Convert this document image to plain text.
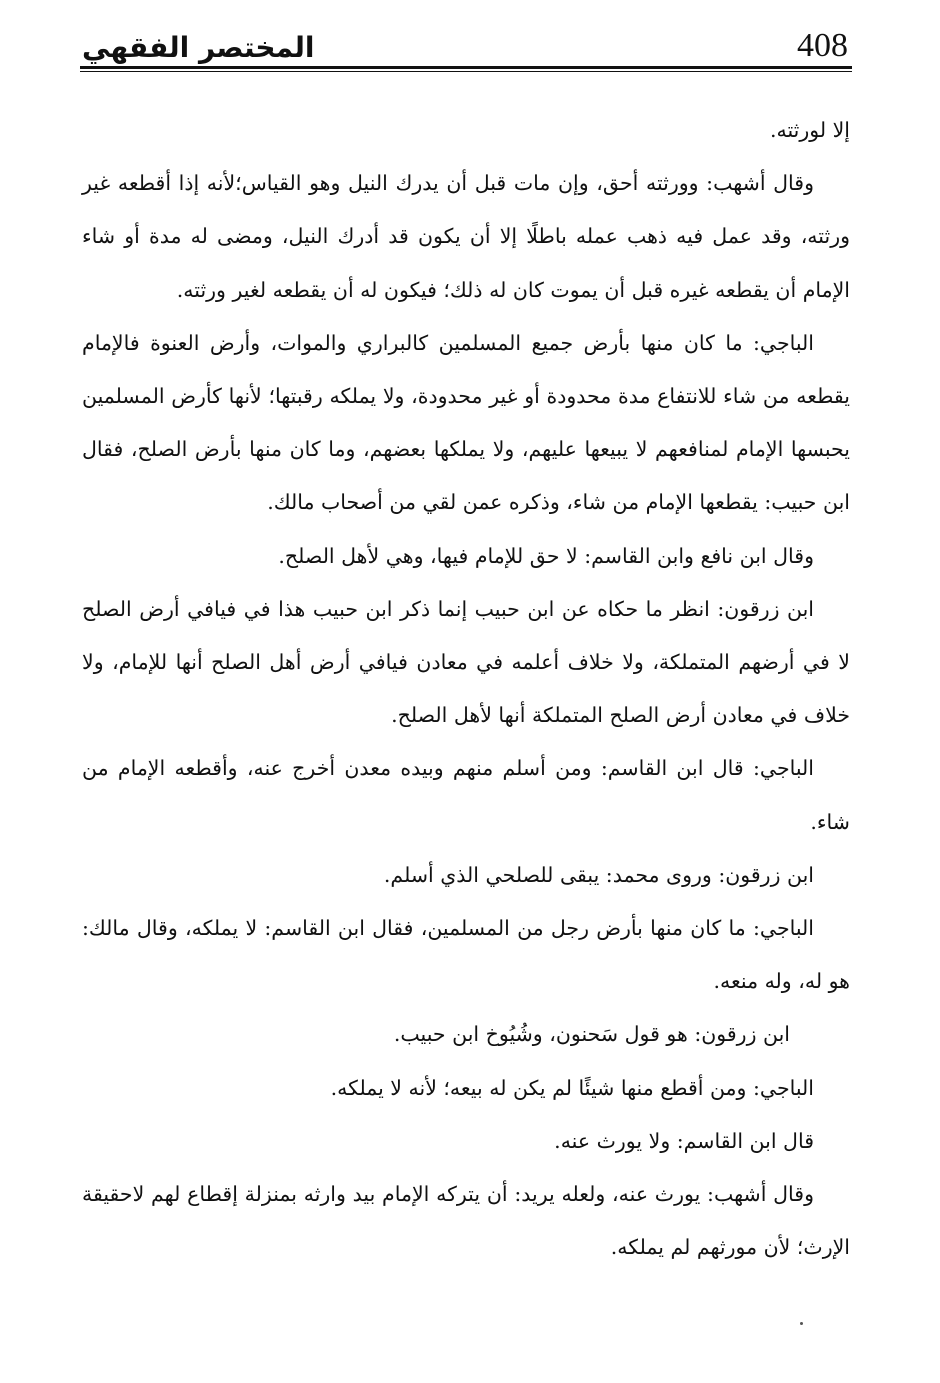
408
المختصر الفقهي

إلا لورثته.

وقال أشهب: وورثته أحق، وإن مات قبل أن يدرك النيل وهو القياس؛لأنه إذا أقطعه غير ورثته، وقد عمل فيه ذهب عمله باطلًا إلا أن يكون قد أدرك النيل، ومضى له مدة أو شاء الإمام أن يقطعه غيره قبل أن يموت كان له ذلك؛ فيكون له أن يقطعه لغير ورثته.

الباجي: ما كان منها بأرض جميع المسلمين كالبراري والموات، وأرض العنوة فالإمام يقطعه من شاء للانتفاع مدة محدودة أو غير محدودة، ولا يملكه رقبتها؛ لأنها كأرض المسلمين يحبسها الإمام لمنافعهم لا يبيعها عليهم، ولا يملكها بعضهم، وما كان منها بأرض الصلح، فقال ابن حبيب: يقطعها الإمام من شاء، وذكره عمن لقي من أصحاب مالك.

وقال ابن نافع وابن القاسم: لا حق للإمام فيها، وهي لأهل الصلح.

ابن زرقون: انظر ما حكاه عن ابن حبيب إنما ذكر ابن حبيب هذا في فيافي أرض الصلح لا في أرضهم المتملكة، ولا خلاف أعلمه في معادن فيافي أرض أهل الصلح أنها للإمام، ولا خلاف في معادن أرض الصلح المتملكة أنها لأهل الصلح.

الباجي: قال ابن القاسم: ومن أسلم منهم وبيده معدن أخرج عنه، وأقطعه الإمام من شاء.

ابن زرقون: وروى محمد: يبقى للصلحي الذي أسلم.

الباجي: ما كان منها بأرض رجل من المسلمين، فقال ابن القاسم: لا يملكه، وقال مالك: هو له، وله منعه.

ابن زرقون: هو قول سَحنون، وشُيُوخ ابن حبيب.

الباجي: ومن أقطع منها شيئًا لم يكن له بيعه؛ لأنه لا يملكه.

قال ابن القاسم: ولا يورث عنه.

وقال أشهب: يورث عنه، ولعله يريد: أن يتركه الإمام بيد وارثه بمنزلة إقطاع لهم لاحقيقة الإرث؛ لأن مورثهم لم يملكه.
